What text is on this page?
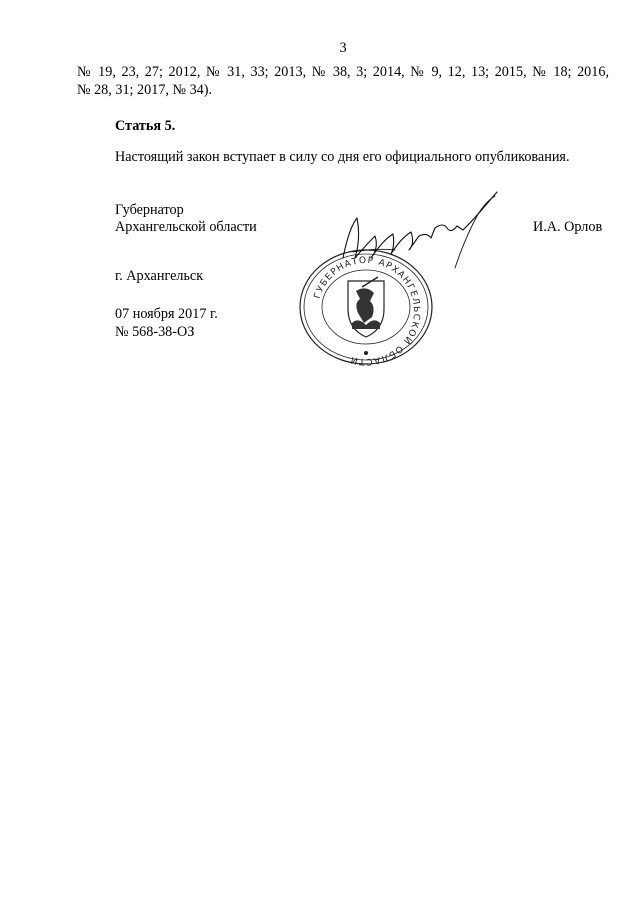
3
№ 19, 23, 27; 2012, № 31, 33; 2013, № 38, 3; 2014, № 9, 12, 13; 2015, № 18; 2016,
№ 28, 31; 2017, № 34).
Статья 5.
Настоящий закон вступает в силу со дня его официального опубликования.
Губернатор
Архангельской области	И.А. Орлов
ГУБЕРНАТОР АРХАНГЕЛЬСКОЙ ОБЛАСТИ
г. Архангельск
07 ноября 2017 г.
№ 568-38-ОЗ
